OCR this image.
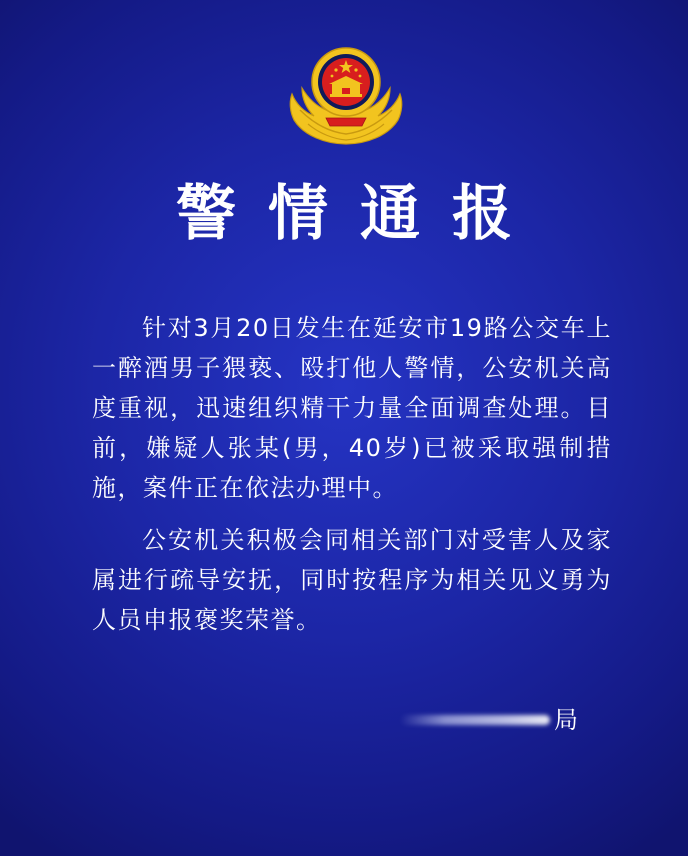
警情通报

针对3月20日发生在延安市19路公交车上一醉酒男子猥亵、殴打他人警情，公安机关高度重视，迅速组织精干力量全面调查处理。目前，嫌疑人张某(男，40岁)已被采取强制措施，案件正在依法办理中。

公安机关积极会同相关部门对受害人及家属进行疏导安抚，同时按程序为相关见义勇为人员申报褒奖荣誉。

局
